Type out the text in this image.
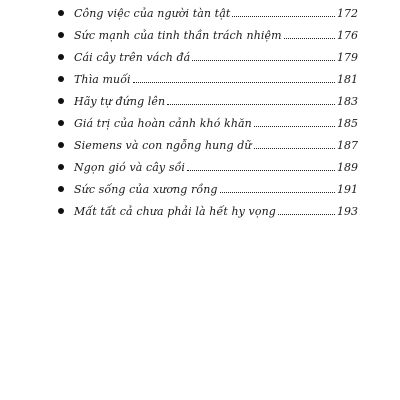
Công việc của người tàn tật	172
Sức mạnh của tinh thần trách nhiệm	176
Cái cây trên vách đá	179
Thìa muối	181
Hãy tự đứng lên	183
Giá trị của hoàn cảnh khó khăn	185
Siemens và con ngỗng hung dữ	187
Ngọn gió và cây sồi	189
Sức sống của xương rồng	191
Mất tất cả chưa phải là hết hy vọng	193
